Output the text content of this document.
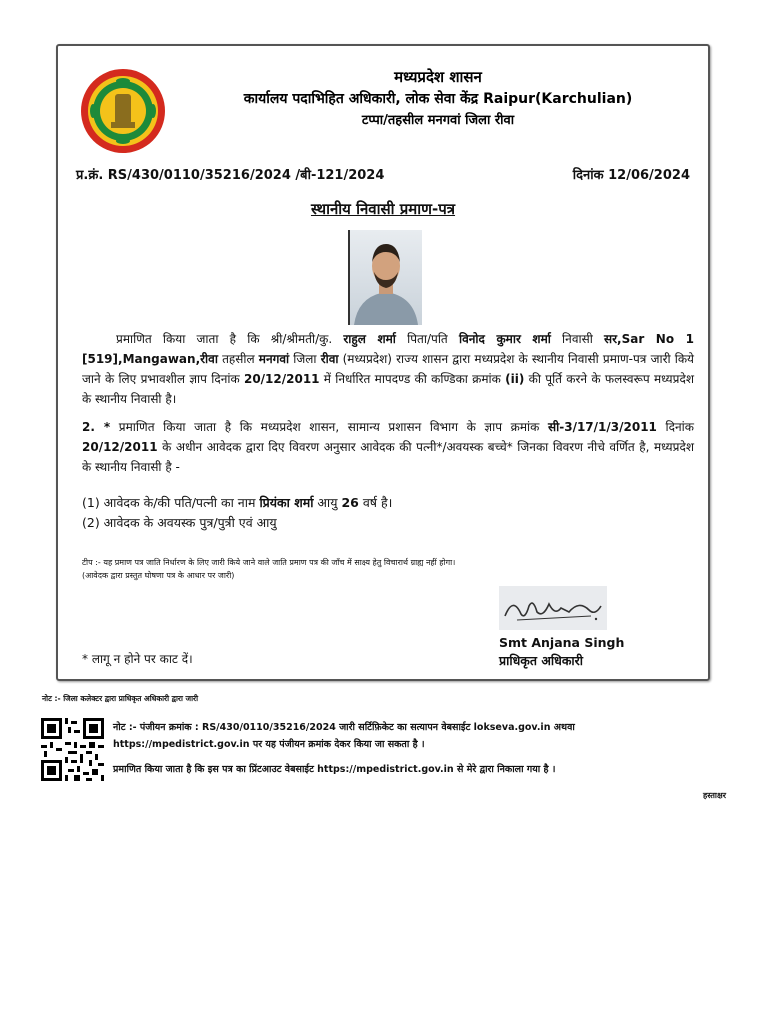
मध्यप्रदेश शासन
कार्यालय पदाभिहित अधिकारी, लोक सेवा केंद्र Raipur(Karchulian)
टप्पा/तहसील मनगवां जिला रीवा
प्र.क्रं. RS/430/0110/35216/2024 /बी-121/2024	दिनांक 12/06/2024
स्थानीय निवासी प्रमाण-पत्र
प्रमाणित किया जाता है कि श्री/श्रीमती/कु. राहुल शर्मा पिता/पति विनोद कुमार शर्मा निवासी सर,Sar No 1 [519],Mangawan,रीवा तहसील मनगवां जिला रीवा (मध्यप्रदेश) राज्य शासन द्वारा मध्यप्रदेश के स्थानीय निवासी प्रमाण-पत्र जारी किये जाने के लिए प्रभावशील ज्ञाप दिनांक 20/12/2011 में निर्धारित मापदण्ड की कण्डिका क्रमांक (ii) की पूर्ति करने के फलस्वरूप मध्यप्रदेश के स्थानीय निवासी है।
2. * प्रमाणित किया जाता है कि मध्यप्रदेश शासन, सामान्य प्रशासन विभाग के ज्ञाप क्रमांक सी-3/17/1/3/2011 दिनांक 20/12/2011 के अधीन आवेदक द्वारा दिए विवरण अनुसार आवेदक की पत्नी*/अवयस्क बच्चे* जिनका विवरण नीचे वर्णित है, मध्यप्रदेश के स्थानीय निवासी है -
(1) आवेदक के/की पति/पत्नी का नाम प्रियंका शर्मा आयु 26 वर्ष है।
(2) आवेदक के अवयस्क पुत्र/पुत्री एवं आयु
टीप :- यह प्रमाण पत्र जाति निर्धारण के लिए जारी किये जाने वाले जाति प्रमाण पत्र की जाँच में साक्ष्य हेतु विचारार्थ ग्राह्य नहीं होगा।
(आवेदक द्वारा प्रस्तुत घोषणा पत्र के आधार पर जारी)
Smt Anjana Singh
प्राधिकृत अधिकारी
* लागू न होने पर काट दें।
नोट :- जिला कलेक्टर द्वारा प्राधिकृत अधिकारी द्वारा जारी
नोट :- पंजीयन क्रमांक : RS/430/0110/35216/2024 जारी सर्टिफ़िकेट का सत्यापन वेबसाईट lokseva.gov.in अथवा https://mpedistrict.gov.in पर यह पंजीयन क्रमांक देकर किया जा सकता है ।
प्रमाणित किया जाता है कि इस पत्र का प्रिंटआउट वेबसाईट https://mpedistrict.gov.in से मेरे द्वारा निकाला गया है ।
हस्ताक्षर
